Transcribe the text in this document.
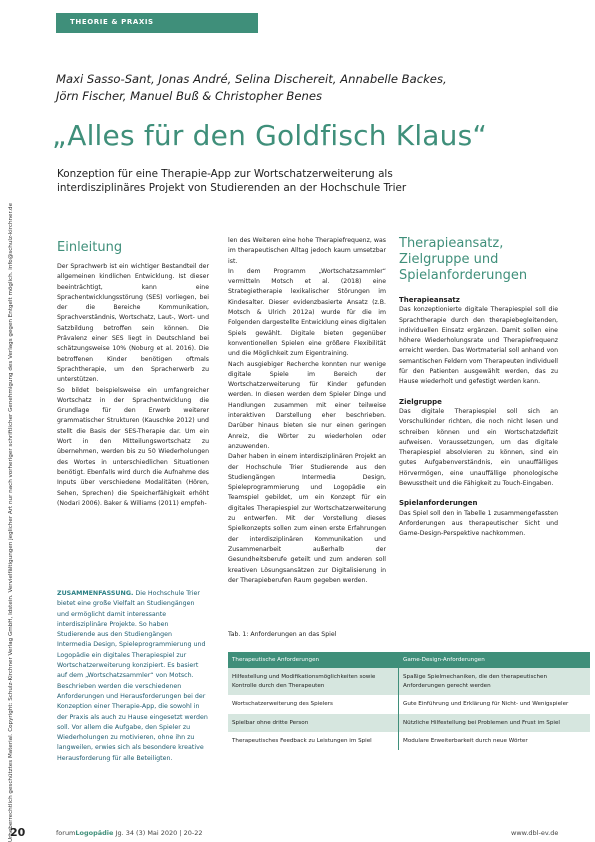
THEORIE & PRAXIS
Urheberrechtlich geschütztes Material. Copyright: Schulz-Kirchner Verlag GmbH, Idstein. Vervielfältigungen jeglicher Art nur nach vorheriger schriftlicher Genehmigung des Verlags gegen Entgelt möglich. info@schulz-kirchner.de
Maxi Sasso-Sant, Jonas André, Selina Dischereit, Annabelle Backes,
Jörn Fischer, Manuel Buß & Christopher Benes
„Alles für den Goldfisch Klaus“
Konzeption für eine Therapie-App zur Wortschatzerweiterung als interdisziplinäres Projekt von Studierenden an der Hochschule Trier
Einleitung

Der Sprachwerb ist ein wichtiger Bestandteil der allgemeinen kindlichen Entwicklung. Ist dieser beeinträchtigt, kann eine Sprachentwicklungsstörung (SES) vorliegen, bei der die Bereiche Kommunikation, Sprachverständnis, Wortschatz, Laut-, Wort- und Satzbildung betroffen sein können. Die Prävalenz einer SES liegt in Deutschland bei schätzungsweise 10% (Noburg et al. 2016). Die betroffenen Kinder benötigen oftmals Sprachtherapie, um den Spracherwerb zu unterstützen.

So bildet beispielsweise ein umfangreicher Wortschatz in der Sprachentwicklung die Grundlage für den Erwerb weiterer grammatischer Strukturen (Kauschke 2012) und stellt die Basis der SES-Therapie dar. Um ein Wort in den Mitteilungswortschatz zu übernehmen, werden bis zu 50 Wiederholungen des Wortes in unterschiedlichen Situationen benötigt. Ebenfalls wird durch die Aufnahme des Inputs über verschiedene Modalitäten (Hören, Sehen, Sprechen) die Speicherfähigkeit erhöht (Nodari 2006). Baker & Williams (2011) empfeh-

ZUSAMMENFASSUNG. Die Hochschule Trier bietet eine große Vielfalt an Studiengängen und ermöglicht damit interessante interdisziplinäre Projekte. So haben Studierende aus den Studiengängen Intermedia Design, Spieleprogrammierung und Logopädie ein digitales Therapiespiel zur Wortschatzerweiterung konzipiert. Es basiert auf dem „Wortschatzsammler“ von Motsch. Beschrieben werden die verschiedenen Anforderungen und Herausforderungen bei der Konzeption einer Therapie-App, die sowohl in der Praxis als auch zu Hause eingesetzt werden soll. Vor allem die Aufgabe, den Spieler zu Wiederholungen zu motivieren, ohne ihn zu langweilen, erwies sich als besondere kreative Herausforderung für alle Beteiligten.

len des Weiteren eine hohe Therapiefrequenz, was im therapeutischen Alltag jedoch kaum umsetzbar ist.

In dem Programm „Wortschatzsammler“ vermitteln Motsch et al. (2018) eine Strategietherapie lexikalischer Störungen im Kindesalter. Dieser evidenzbasierte Ansatz (z.B. Motsch & Ulrich 2012a) wurde für die im Folgenden dargestellte Entwicklung eines digitalen Spiels gewählt. Digitale bieten gegenüber konventionellen Spielen eine größere Flexibilität und die Möglichkeit zum Eigentraining.

Nach ausgiebiger Recherche konnten nur wenige digitale Spiele im Bereich der Wortschatzerweiterung für Kinder gefunden werden. In diesen werden dem Spieler Dinge und Handlungen zusammen mit einer teilweise interaktiven Darstellung eher beschrieben. Darüber hinaus bieten sie nur einen geringen Anreiz, die Wörter zu wiederholen oder anzuwenden.

Daher haben in einem interdisziplinären Projekt an der Hochschule Trier Studierende aus den Studiengängen Intermedia Design, Spieleprogrammierung und Logopädie ein Teamspiel gebildet, um ein Konzept für ein digitales Therapiespiel zur Wortschatzerweiterung zu entwerfen. Mit der Vorstellung dieses Spielkonzepts sollen zum einen erste Erfahrungen der interdisziplinären Kommunikation und Zusammenarbeit außerhalb der Gesundheitsberufe geteilt und zum anderen soll kreativen Lösungsansätzen zur Digitalisierung in der Therapieberufen Raum gegeben werden.

Therapieansatz, Zielgruppe und Spielanforderungen
Therapieansatz

Das konzeptionierte digitale Therapiespiel soll die Sprachtherapie durch den therapiebegleitenden, individuellen Einsatz ergänzen. Damit sollen eine höhere Wiederholungsrate und Therapiefrequenz erreicht werden. Das Wortmaterial soll anhand von semantischen Feldern vom Therapeuten individuell für den Patienten ausgewählt werden, das zu Hause wiederholt und gefestigt werden kann.

Zielgruppe

Das digitale Therapiespiel soll sich an Vorschulkinder richten, die noch nicht lesen und schreiben können und ein Wortschatzdefizit aufweisen. Voraussetzungen, um das digitale Therapiespiel absolvieren zu können, sind ein gutes Aufgabenverständnis, ein unauffälliges Hörvermögen, eine unauffällige phonologische Bewusstheit und die Fähigkeit zu Touch-Eingaben.

Spielanforderungen

Das Spiel soll den in Tabelle 1 zusammengefassten Anforderungen aus therapeutischer Sicht und Game-Design-Perspektive nachkommen.

Tab. 1: Anforderungen an das Spiel
Therapeutische Anforderungen	Game-Design-Anforderungen
Hilfestellung und Modifikationsmöglichkeiten sowie Kontrolle durch den Therapeuten	Spaßige Spielmechaniken, die den therapeutischen Anforderungen gerecht werden
Wortschatzerweiterung des Spielers	Gute Einführung und Erklärung für Nicht- und Wenigspieler
Spielbar ohne dritte Person	Nützliche Hilfestellung bei Problemen und Frust im Spiel
Therapeutisches Feedback zu Leistungen im Spiel	Modulare Erweiterbarkeit durch neue Wörter
20	forumLogopädie Jg. 34 (3) Mai 2020 | 20-22	www.dbl-ev.de
